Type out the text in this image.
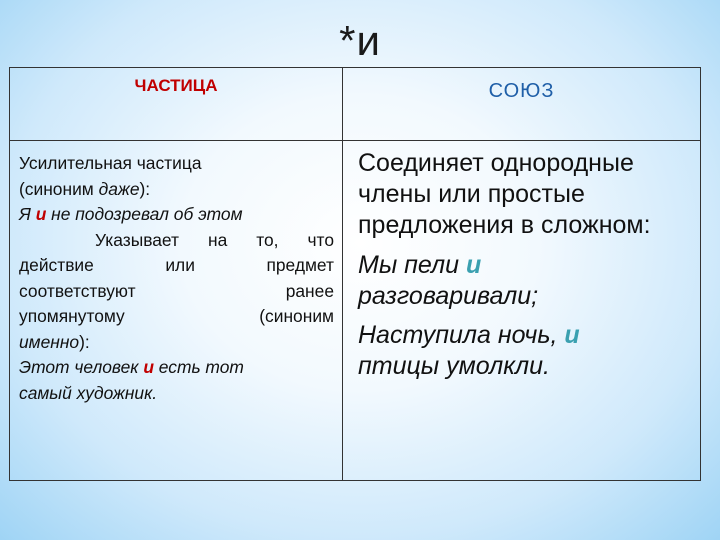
*и
ЧАСТИЦА	СОЮЗ

Усилительная частица

(синоним даже):

Я и не подозревал об этом

Указывает на то, что

действие или предмет

соответствуют ранее

упомянутому (синоним

именно):

Этот человек и есть тот

самый художник.

Соединяет однородные

члены или простые

предложения в сложном:

Мы пели и

разговаривали;

Наступила ночь, и

птицы умолкли.
